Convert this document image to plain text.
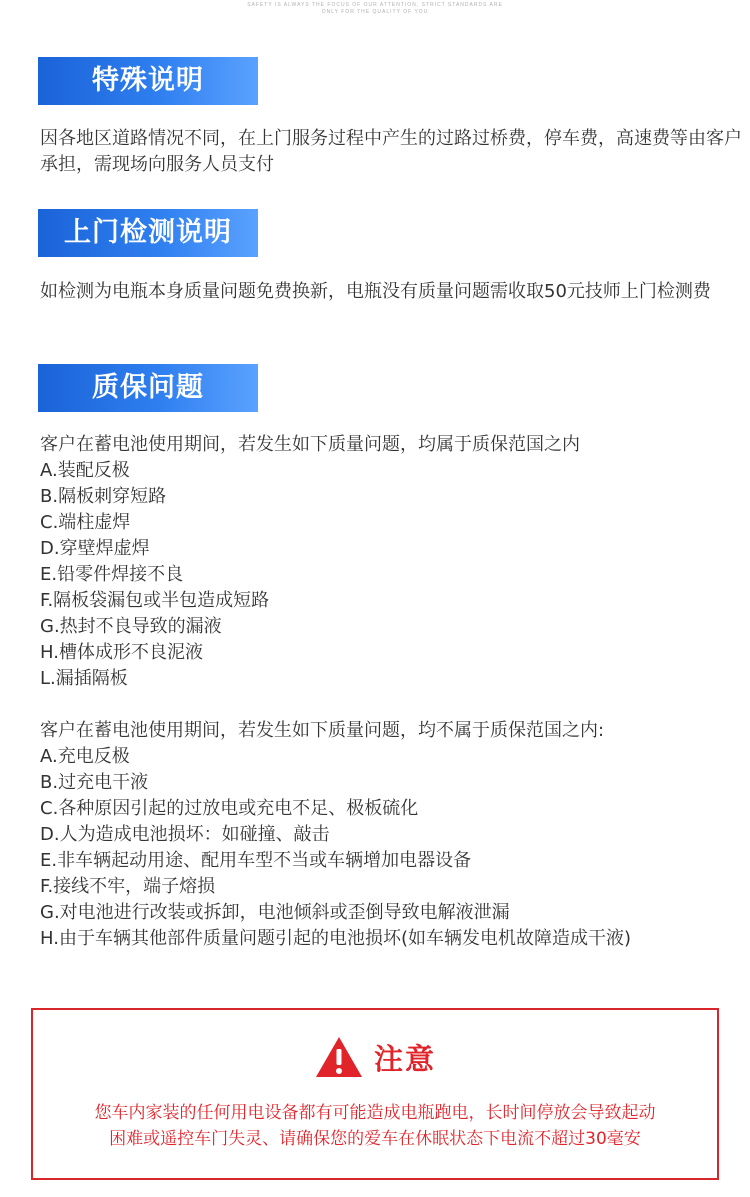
SAFETY IS ALWAYS THE FOCUS OF OUR ATTENTION, STRICT STANDARDS ARE
ONLY FOR THE QUALITY OF YOU
特殊说明

因各地区道路情况不同，在上门服务过程中产生的过路过桥费，停车费，高速费等由客户承担，需现场向服务人员支付

上门检测说明

如检测为电瓶本身质量问题免费换新，电瓶没有质量问题需收取50元技师上门检测费

质保问题
客户在蓄电池使用期间，若发生如下质量问题，均属于质保范国之内
A.装配反极
B.隔板刺穿短路
C.端柱虚焊
D.穿壁焊虚焊
E.铅零件焊接不良
F.隔板袋漏包或半包造成短路
G.热封不良导致的漏液
H.槽体成形不良泥液
L.漏插隔板
客户在蓄电池使用期间，若发生如下质量问题，均不属于质保范国之内:
A.充电反极
B.过充电干液
C.各种原因引起的过放电或充电不足、极板硫化
D.人为造成电池损坏：如碰撞、敲击
E.非车辆起动用途、配用车型不当或车辆增加电器设备
F.接线不牢，端子熔损
G.对电池进行改装或拆卸，电池倾斜或歪倒导致电解液泄漏
H.由于车辆其他部件质量问题引起的电池损坏(如车辆发电机故障造成干液)
注意
您车内家装的任何用电设备都有可能造成电瓶跑电，长时间停放会导致起动
困难或遥控车门失灵、请确保您的爱车在休眠状态下电流不超过30毫安
